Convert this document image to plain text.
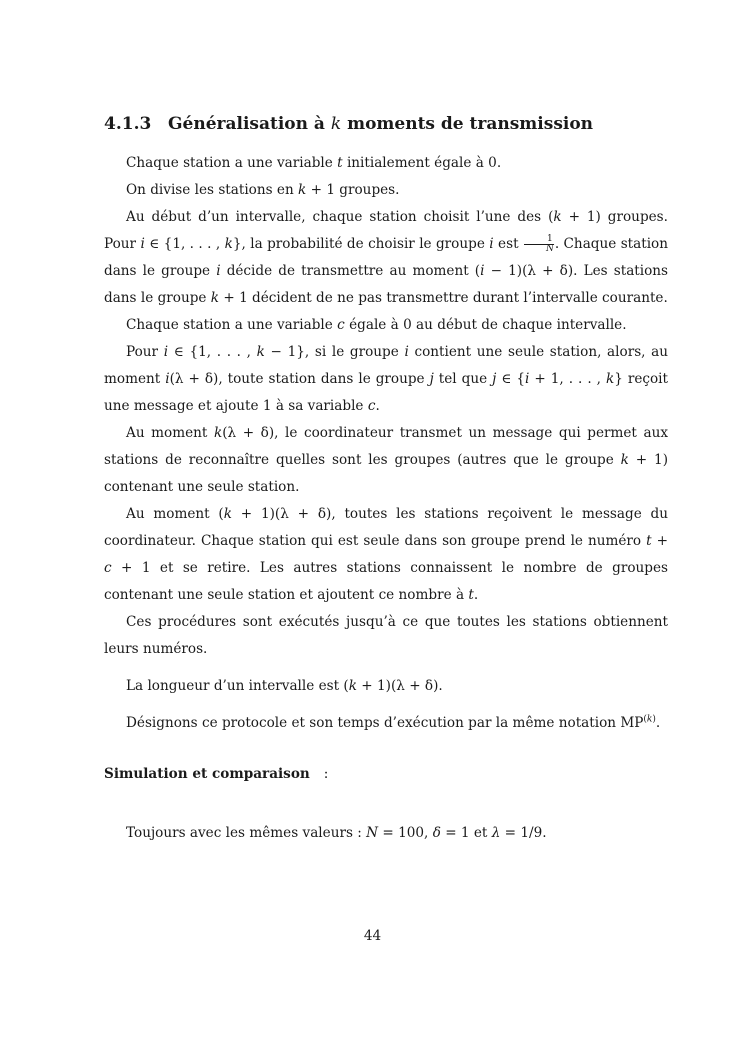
4.1.3 Généralisation à k moments de transmission

Chaque station a une variable t initialement égale à 0.

On divise les stations en k + 1 groupes.

Au début d’un intervalle, chaque station choisit l’une des (k + 1) groupes. Pour i ∈ {1, . . . , k}, la probabilité de choisir le groupe i est $\frac{1}{N}$ . Chaque station dans le groupe i décide de transmettre au moment (i − 1)(λ + δ). Les stations dans le groupe k + 1 décident de ne pas transmettre durant l’intervalle courante.

Chaque station a une variable c égale à 0 au début de chaque intervalle.

Pour i ∈ {1, . . . , k − 1}, si le groupe i contient une seule station, alors, au moment i(λ + δ), toute station dans le groupe j tel que j ∈ {i + 1, . . . , k} reçoit une message et ajoute 1 à sa variable c.

Au moment k(λ + δ), le coordinateur transmet un message qui permet aux stations de reconnaître quelles sont les groupes (autres que le groupe k + 1) contenant une seule station.

Au moment (k + 1)(λ + δ), toutes les stations reçoivent le message du coordinateur. Chaque station qui est seule dans son groupe prend le numéro t + c + 1 et se retire. Les autres stations connaissent le nombre de groupes contenant une seule station et ajoutent ce nombre à t.

Ces procédures sont exécutés jusqu’à ce que toutes les stations obtiennent leurs numéros.

La longueur d’un intervalle est (k + 1)(λ + δ).

Désignons ce protocole et son temps d’exécution par la même notation MP$^{(k)}$.

Simulation et comparaison :
Toujours avec les mêmes valeurs : N = 100, δ = 1 et λ = 1/9.
44
